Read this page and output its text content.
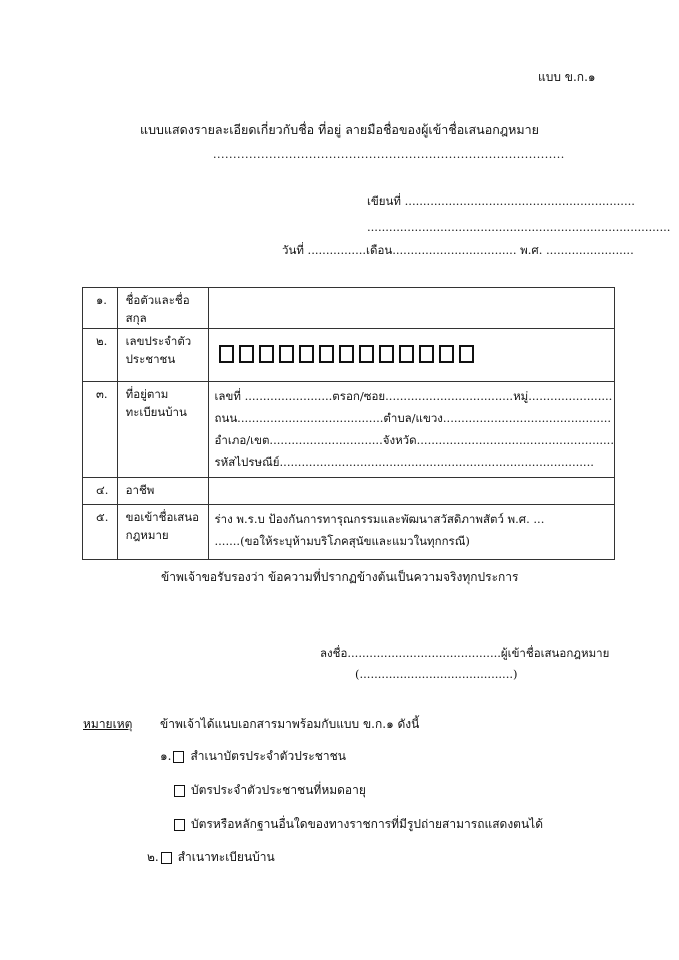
แบบ ข.ก.๑
แบบแสดงรายละเอียดเกี่ยวกับชื่อ ที่อยู่ ลายมือชื่อของผู้เข้าชื่อเสนอกฎหมาย
........................................................................................
เขียนที่ ...............................................................
...................................................................................
วันที่ ................เดือน.................................. พ.ศ. ........................
๑.	ชื่อตัวและชื่อสกุล	
๒.	เลขประจำตัวประชาชน	

๓.	ที่อยู่ตามทะเบียนบ้าน	เลขที่ ........................ตรอก/ซอย...................................หมู่.......................
ถนน........................................ตำบล/แขวง..............................................
อำเภอ/เขต...............................จังหวัด......................................................
รหัสไปรษณีย์......................................................................................

๔.	อาชีพ	
๕.	ขอเข้าชื่อเสนอกฎหมาย	ร่าง พ.ร.บ ป้องกันการทารุณกรรมและพัฒนาสวัสดิภาพสัตว์ พ.ศ. ...
.......(ขอให้ระบุห้ามบริโภคสุนัขและแมวในทุกกรณี)
ข้าพเจ้าขอรับรองว่า ข้อความที่ปรากฏข้างต้นเป็นความจริงทุกประการ
ลงชื่อ..........................................ผู้เข้าชื่อเสนอกฎหมาย
(..........................................)
หมายเหตุ ข้าพเจ้าได้แนบเอกสารมาพร้อมกับแบบ ข.ก.๑ ดังนี้
๑. สำเนาบัตรประจำตัวประชาชน
บัตรประจำตัวประชาชนที่หมดอายุ
บัตรหรือหลักฐานอื่นใดของทางราชการที่มีรูปถ่ายสามารถแสดงตนได้
๒. สำเนาทะเบียนบ้าน
